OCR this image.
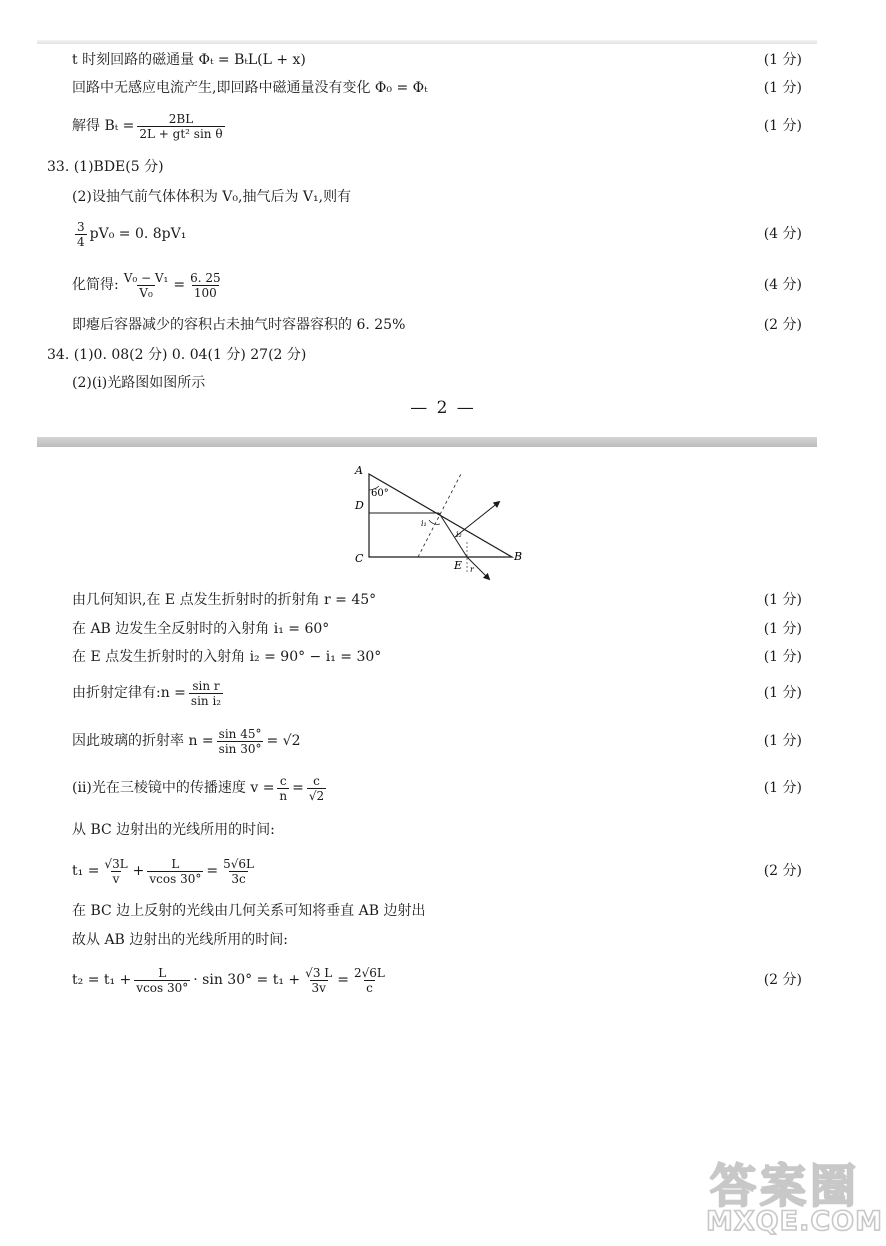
t 时刻回路的磁通量 Φₜ = BₜL(L + x)	(1 分)
回路中无感应电流产生,即回路中磁通量没有变化 Φ₀ = Φₜ	(1 分)
解得 $B_t = \frac{2BL}{\text{2L + gt² sin θ}}$	(1 分)
33. (1)BDE(5 分)
(2)设抽气前气体体积为 V₀,抽气后为 V₁,则有
$\frac{3}{4} pV_0 = 0$. 8pV₁	(4 分)
化简得: $\frac{\text{V₀ − V₁}}{\text{V₀}} = \frac{6. 25}{100}$	(4 分)
即瘪后容器减少的容积占未抽气时容器容积的 6. 25%	(2 分)
34. (1)0. 08(2 分) 0. 04(1 分) 27(2 分)
(2)(ⅰ)光路图如图所示
由几何知识,在 E 点发生折射时的折射角 r = 45°	(1 分)
在 AB 边发生全反射时的入射角 i₁ = 60°	(1 分)
在 E 点发生折射时的入射角 i₂ = 90° − i₁ = 30°	(1 分)
由折射定律有:n = $\frac{\text{sin r}}{\text{sin i₂}}$	(1 分)
因此玻璃的折射率 $n = \frac{\sin 45^\circ}{\sin 30^\circ} = √2$	(1 分)
(ⅱ)光在三棱镜中的传播速度 $v = \frac{c}{n} = \frac{c}{√2}$	(1 分)
从 BC 边射出的光线所用的时间:
$t_1 = \frac{√3L}{v} + \frac{L}{vcos 30^\circ} = \frac{5√6L}{3c}$	(2 分)
在 BC 边上反射的光线由几何关系可知将垂直 AB 边射出
故从 AB 边射出的光线所用的时间:
$t_2 = t_1 + \frac{L}{vcos 30^\circ} \cdot \sin 30^\circ = t_1 + \frac{√3 L}{3v} = \frac{2√6L}{c}$	(2 分)
— 2 —
A
D
C	B
E
60°
i₁
i₂
r
答案圈
MXQE.COM
